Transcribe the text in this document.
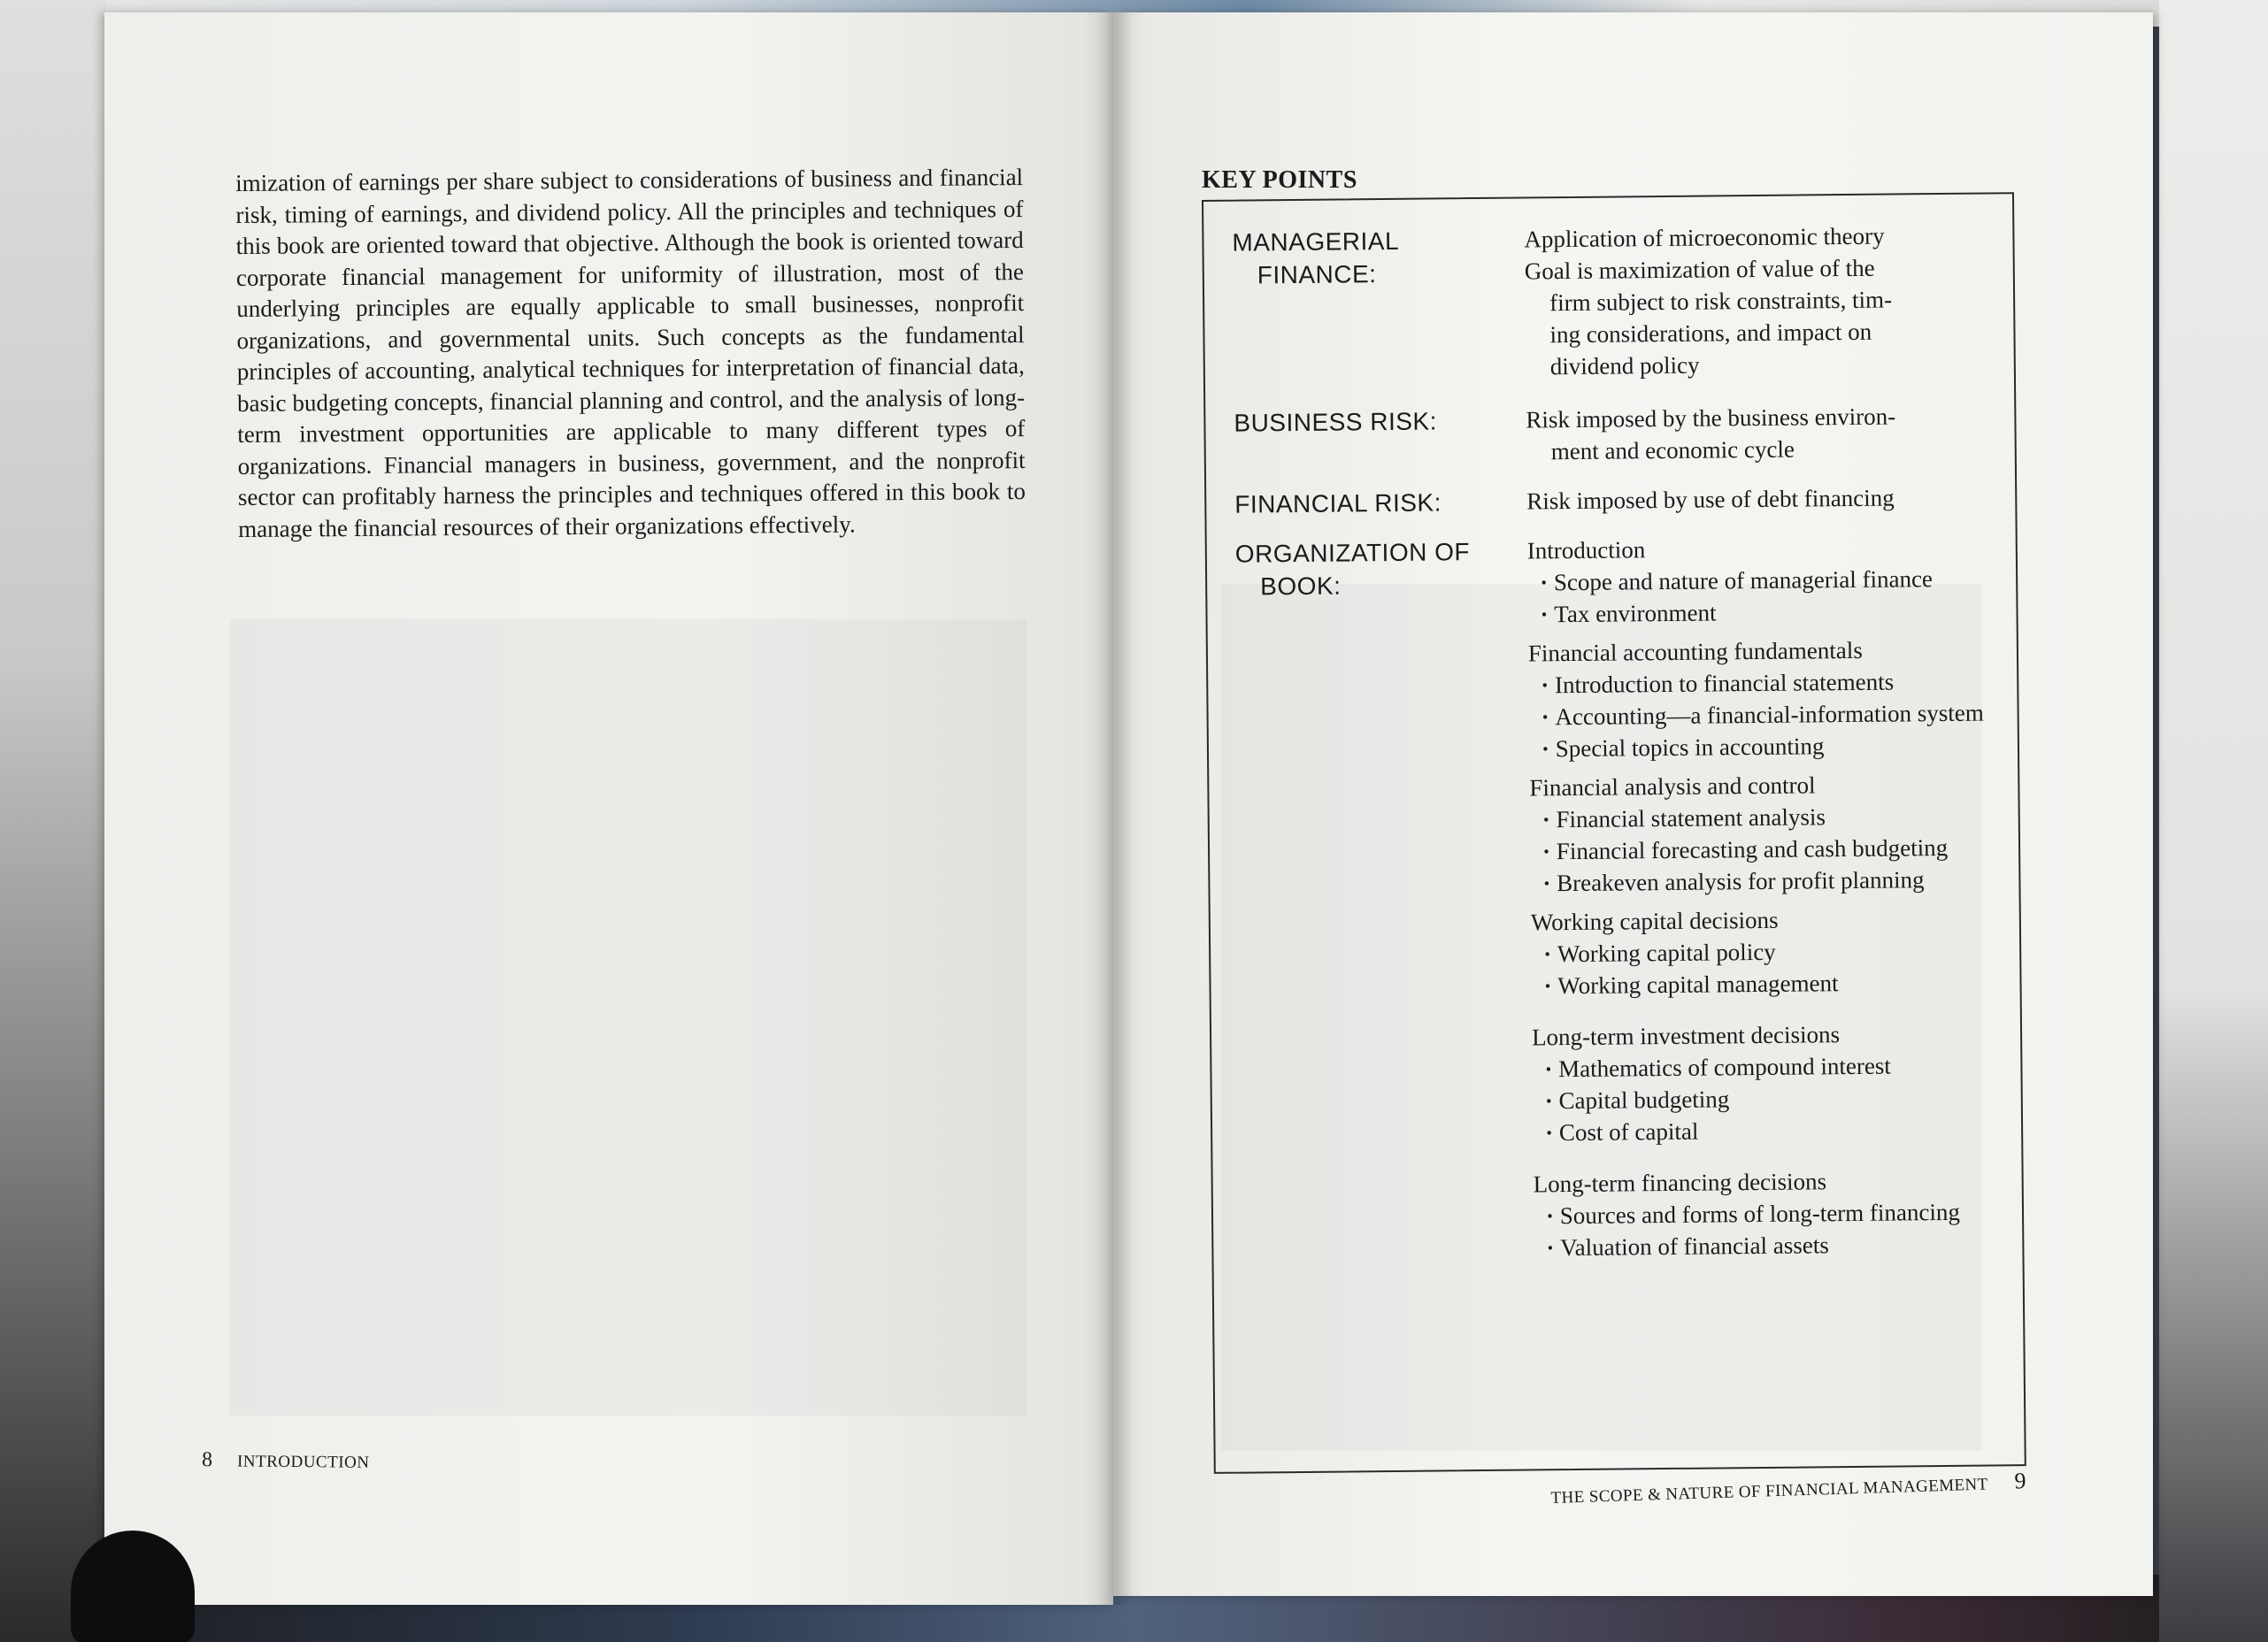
imization of earnings per share subject to considerations of business and financial risk, timing of earnings, and dividend policy. All the principles and techniques of this book are oriented toward that objective. Although the book is oriented toward corporate financial management for uniformity of illustration, most of the underlying principles are equally applicable to small businesses, nonprofit organizations, and governmental units. Such concepts as the fundamental principles of accounting, analytical techniques for interpretation of financial data, basic budgeting concepts, financial planning and control, and the analysis of long-term investment opportunities are applicable to many different types of organizations. Financial managers in business, government, and the nonprofit sector can profitably harness the principles and techniques offered in this book to manage the financial resources of their organizations effectively.
8 INTRODUCTION
KEY POINTS
MANAGERIAL
FINANCE:
Application of microeconomic theory
Goal is maximization of value of the
firm subject to risk constraints, tim-
ing considerations, and impact on
dividend policy
BUSINESS RISK:	Risk imposed by the business environ-
ment and economic cycle
FINANCIAL RISK:	Risk imposed by use of debt financing
ORGANIZATION OF
BOOK:
Introduction
· Scope and nature of managerial finance
· Tax environment
Financial accounting fundamentals
· Introduction to financial statements
· Accounting—a financial-information system
· Special topics in accounting
Financial analysis and control
· Financial statement analysis
· Financial forecasting and cash budgeting
· Breakeven analysis for profit planning
Working capital decisions
· Working capital policy
· Working capital management
Long-term investment decisions
· Mathematics of compound interest
· Capital budgeting
· Cost of capital
Long-term financing decisions
· Sources and forms of long-term financing
· Valuation of financial assets
THE SCOPE & NATURE OF FINANCIAL MANAGEMENT 9
